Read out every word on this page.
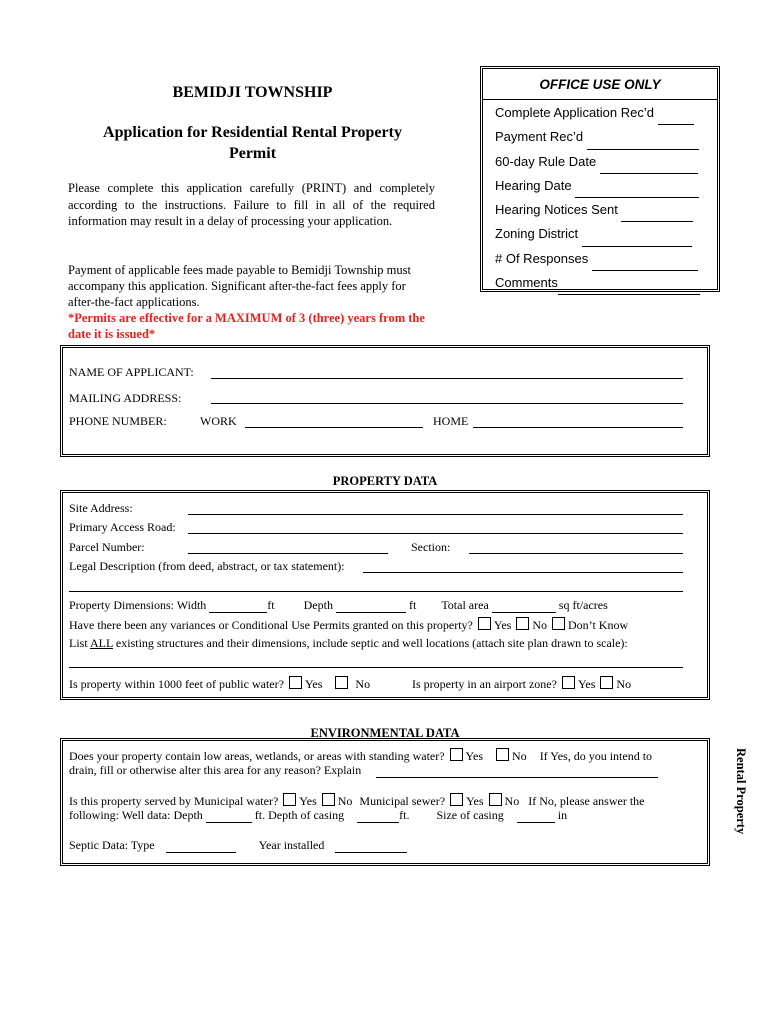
BEMIDJI TOWNSHIP
Application for Residential Rental Property
Permit
Please complete this application carefully (PRINT) and completely according to the instructions. Failure to fill in all of the required information may result in a delay of processing your application.
Payment of applicable fees made payable to Bemidji Township must accompany this application. Significant after-the-fact fees apply for after-the-fact applications.
*Permits are effective for a MAXIMUM of 3 (three) years from the date it is issued*
OFFICE USE ONLY
Complete Application Rec’d
Payment Rec’d
60-day Rule Date
Hearing Date
Hearing Notices Sent
Zoning District
# Of Responses
Comments
NAME OF APPLICANT:
MAILING ADDRESS:
PHONE NUMBER:	WORK	HOME
PROPERTY DATA
Site Address:
Primary Access Road:
Parcel Number:	Section:
Legal Description (from deed, abstract, or tax statement):
Property Dimensions: Width	ft Depth	ft Total area	sq ft/acres
Have there been any variances or Conditional Use Permits granted on this property? Yes No Don’t Know
List ALL existing structures and their dimensions, include septic and well locations (attach site plan drawn to scale):
Is property within 1000 feet of public water? Yes	No	Is property in an airport zone? Yes No
ENVIRONMENTAL DATA
Does your property contain low areas, wetlands, or areas with standing water? Yes No If Yes, do you intend to
drain, fill or otherwise alter this area for any reason? Explain
Is this property served by Municipal water? Yes No Municipal sewer? Yes No If No, please answer the
following: Well data: Depth	ft. Depth of casing	ft. Size of casing	in
Septic Data: Type	Year installed
Rental Property
